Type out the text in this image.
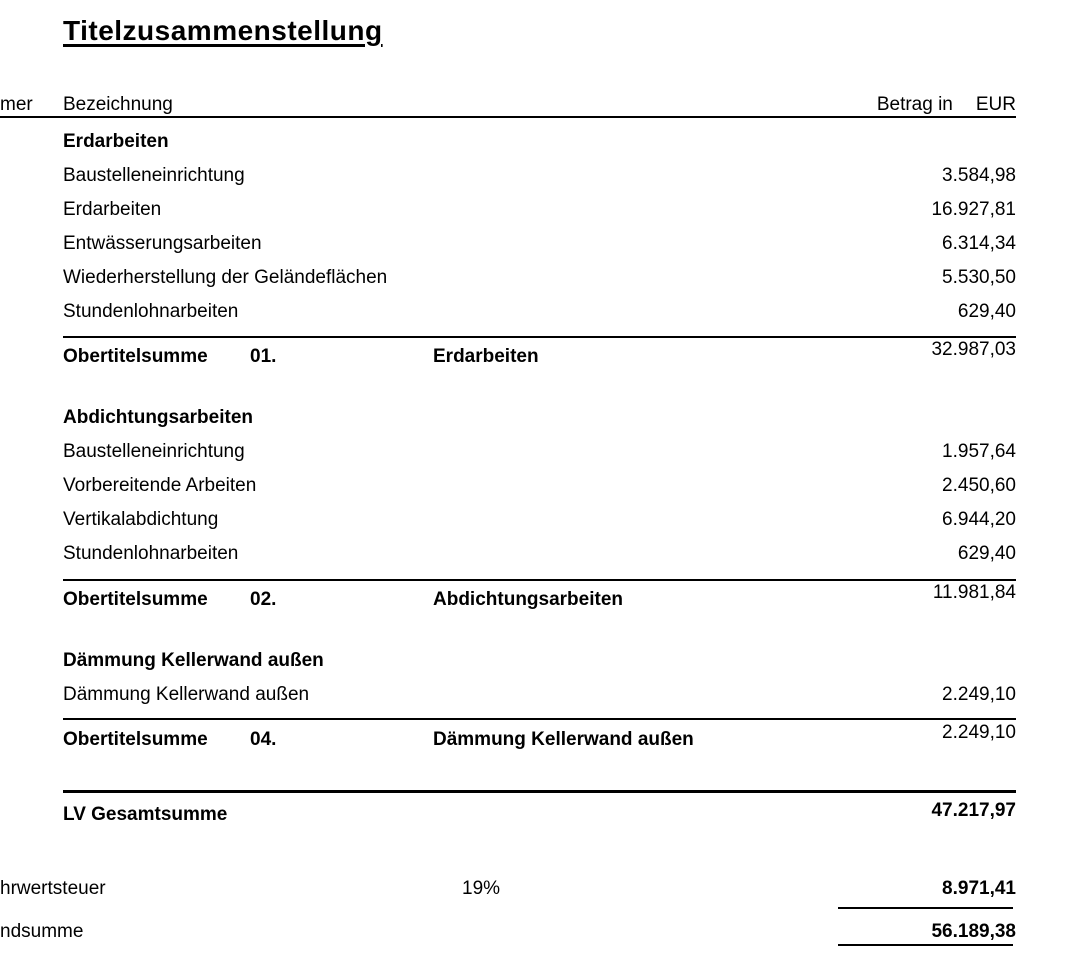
Titelzusammenstellung
mer Bezeichnung	Betrag in EUR
Erdarbeiten
Baustelleneinrichtung	3.584,98
Erdarbeiten	16.927,81
Entwässerungsarbeiten	6.314,34
Wiederherstellung der Geländeflächen	5.530,50
Stundenlohnarbeiten	629,40
Obertitelsumme 01.	Erdarbeiten	32.987,03
Abdichtungsarbeiten
Baustelleneinrichtung	1.957,64
Vorbereitende Arbeiten	2.450,60
Vertikalabdichtung	6.944,20
Stundenlohnarbeiten	629,40
Obertitelsumme 02.	Abdichtungsarbeiten	11.981,84
Dämmung Kellerwand außen
Dämmung Kellerwand außen	2.249,10
Obertitelsumme 04.	Dämmung Kellerwand außen	2.249,10
LV Gesamtsumme	47.217,97
hrwertsteuer	19%	8.971,41
ndsumme	56.189,38
